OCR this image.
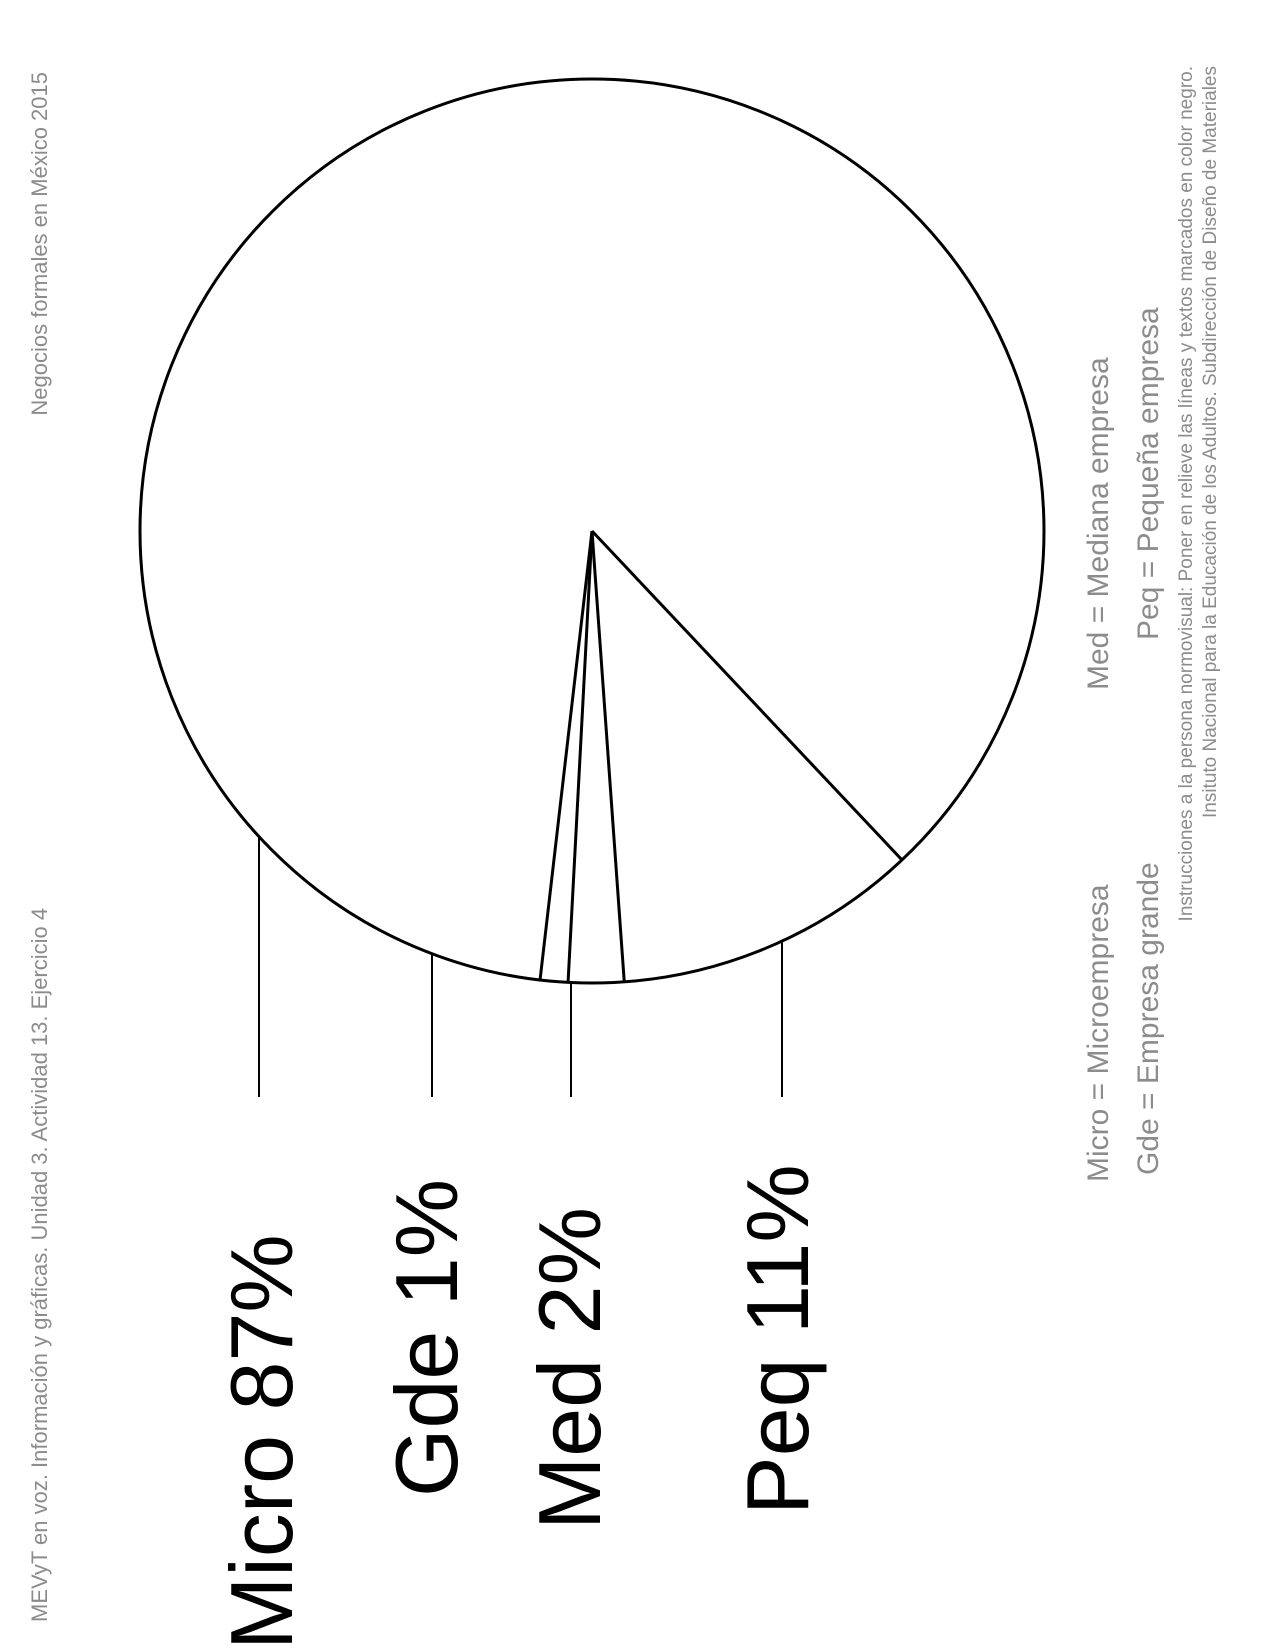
MEVyT en voz. Información y gráficas. Unidad 3. Actividad 13. Ejercicio 4
Negocios formales en México 2015
Micro 87% Gde 1% Med 2% Peq 11%
Micro = Microempresa Gde = Empresa grande
Med = Mediana empresa Peq = Pequeña empresa Instrucciones a la persona normovisual: Poner en relieve las líneas y textos marcados en color negro. Insituto Nacional para la Educación de los Adultos. Subdirección de Diseño de Materiales
